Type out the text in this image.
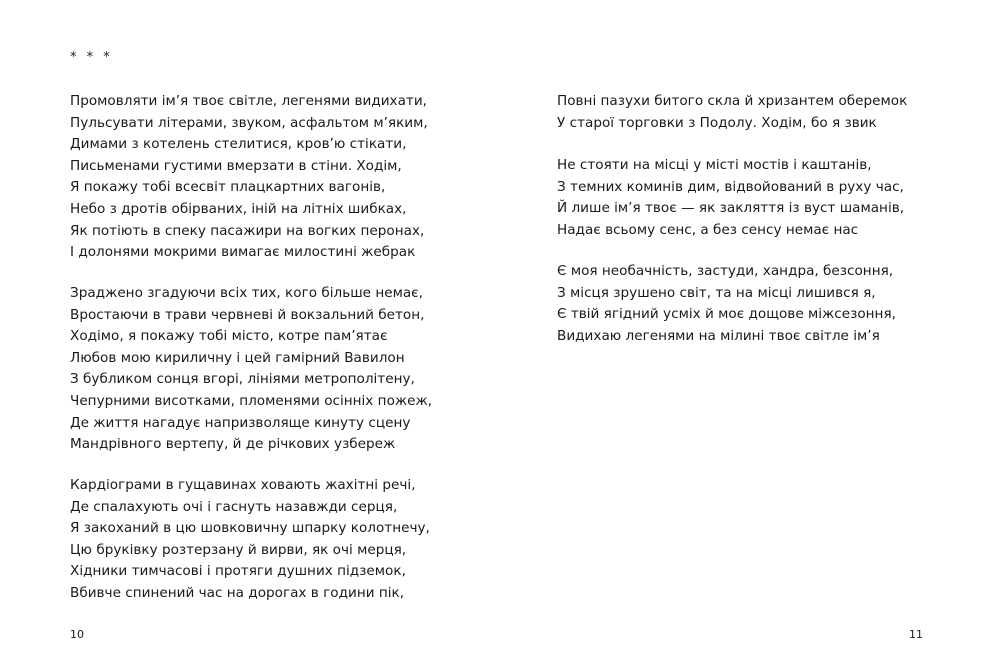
* * *
Промовляти ім’я твоє світле, легенями видихати,
Пульсувати літерами, звуком, асфальтом м’яким,
Димами з котелень стелитися, кров’ю стікати,
Письменами густими вмерзати в стіни. Ходім,
Я покажу тобі всесвіт плацкартних вагонів,
Небо з дротів обірваних, іній на літніх шибках,
Як потіють в спеку пасажири на вогких перонах,
І долонями мокрими вимагає милостині жебрак
Зраджено згадуючи всіх тих, кого більше немає,
Вростаючи в трави червневі й вокзальний бетон,
Ходімо, я покажу тобі місто, котре пам’ятає
Любов мою кириличну і цей гамірний Вавилон
З бубликом сонця вгорі, лініями метрополітену,
Чепурними висотками, пломенями осінніх пожеж,
Де життя нагадує напризволяще кинуту сцену
Мандрівного вертепу, й де річкових узбереж
Кардіограми в гущавинах ховають жахітні речі,
Де спалахують очі і гаснуть назавжди серця,
Я закоханий в цю шовковичну шпарку колотнечу,
Цю бруківку розтерзану й вирви, як очі мерця,
Хідники тимчасові і протяги душних підземок,
Вбивче спинений час на дорогах в години пік,
10
Повні пазухи битого скла й хризантем оберемок
У старої торговки з Подолу. Ходім, бо я звик
Не стояти на місці у місті мостів і каштанів,
З темних коминів дим, відвойований в руху час,
Й лише ім’я твоє — як закляття із вуст шаманів,
Надає всьому сенс, а без сенсу немає нас
Є моя необачність, застуди, хандра, безсоння,
З місця зрушено світ, та на місці лишився я,
Є твій ягідний усміх й моє дощове міжсезоння,
Видихаю легенями на мілині твоє світле ім’я
11
